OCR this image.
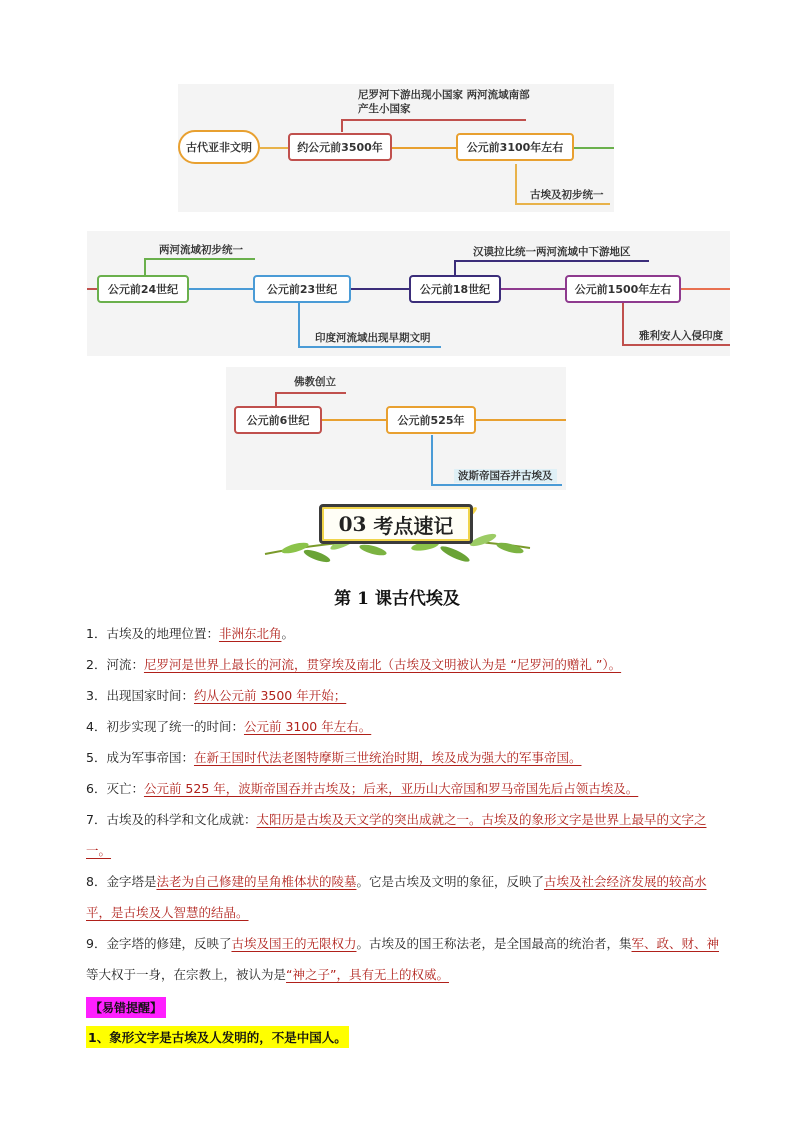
古代亚非文明	约公元前3500年	公元前3100年左右
尼罗河下游出现小国家 两河流域南部
产生小国家
古埃及初步统一
公元前24世纪	公元前23世纪	公元前18世纪	公元前1500年左右
两河流域初步统一
印度河流域出现早期文明
汉谟拉比统一两河流域中下游地区
雅利安人入侵印度
公元前6世纪	公元前525年
佛教创立
波斯帝国吞并古埃及
03
考点速记
第 1 课古代埃及
1．古埃及的地理位置：非洲东北角。
2．河流：尼罗河是世界上最长的河流，贯穿埃及南北（古埃及文明被认为是 “尼罗河的赠礼 ”）。
3．出现国家时间：约从公元前 3500 年开始；
4．初步实现了统一的时间：公元前 3100 年左右。
5．成为军事帝国：在新王国时代法老图特摩斯三世统治时期，埃及成为强大的军事帝国。
6．灭亡：公元前 525 年，波斯帝国吞并古埃及；后来，亚历山大帝国和罗马帝国先后占领古埃及。
7．古埃及的科学和文化成就：太阳历是古埃及天文学的突出成就之一。古埃及的象形文字是世界上最早的文字之一。
8．金字塔是法老为自己修建的呈角椎体状的陵墓。它是古埃及文明的象征，反映了古埃及社会经济发展的较高水平，是古埃及人智慧的结晶。
9．金字塔的修建，反映了古埃及国王的无限权力。古埃及的国王称法老，是全国最高的统治者，集军、政、财、神等大权于一身，在宗教上，被认为是“神之子”，具有无上的权威。
【易错提醒】
1、象形文字是古埃及人发明的，不是中国人。
